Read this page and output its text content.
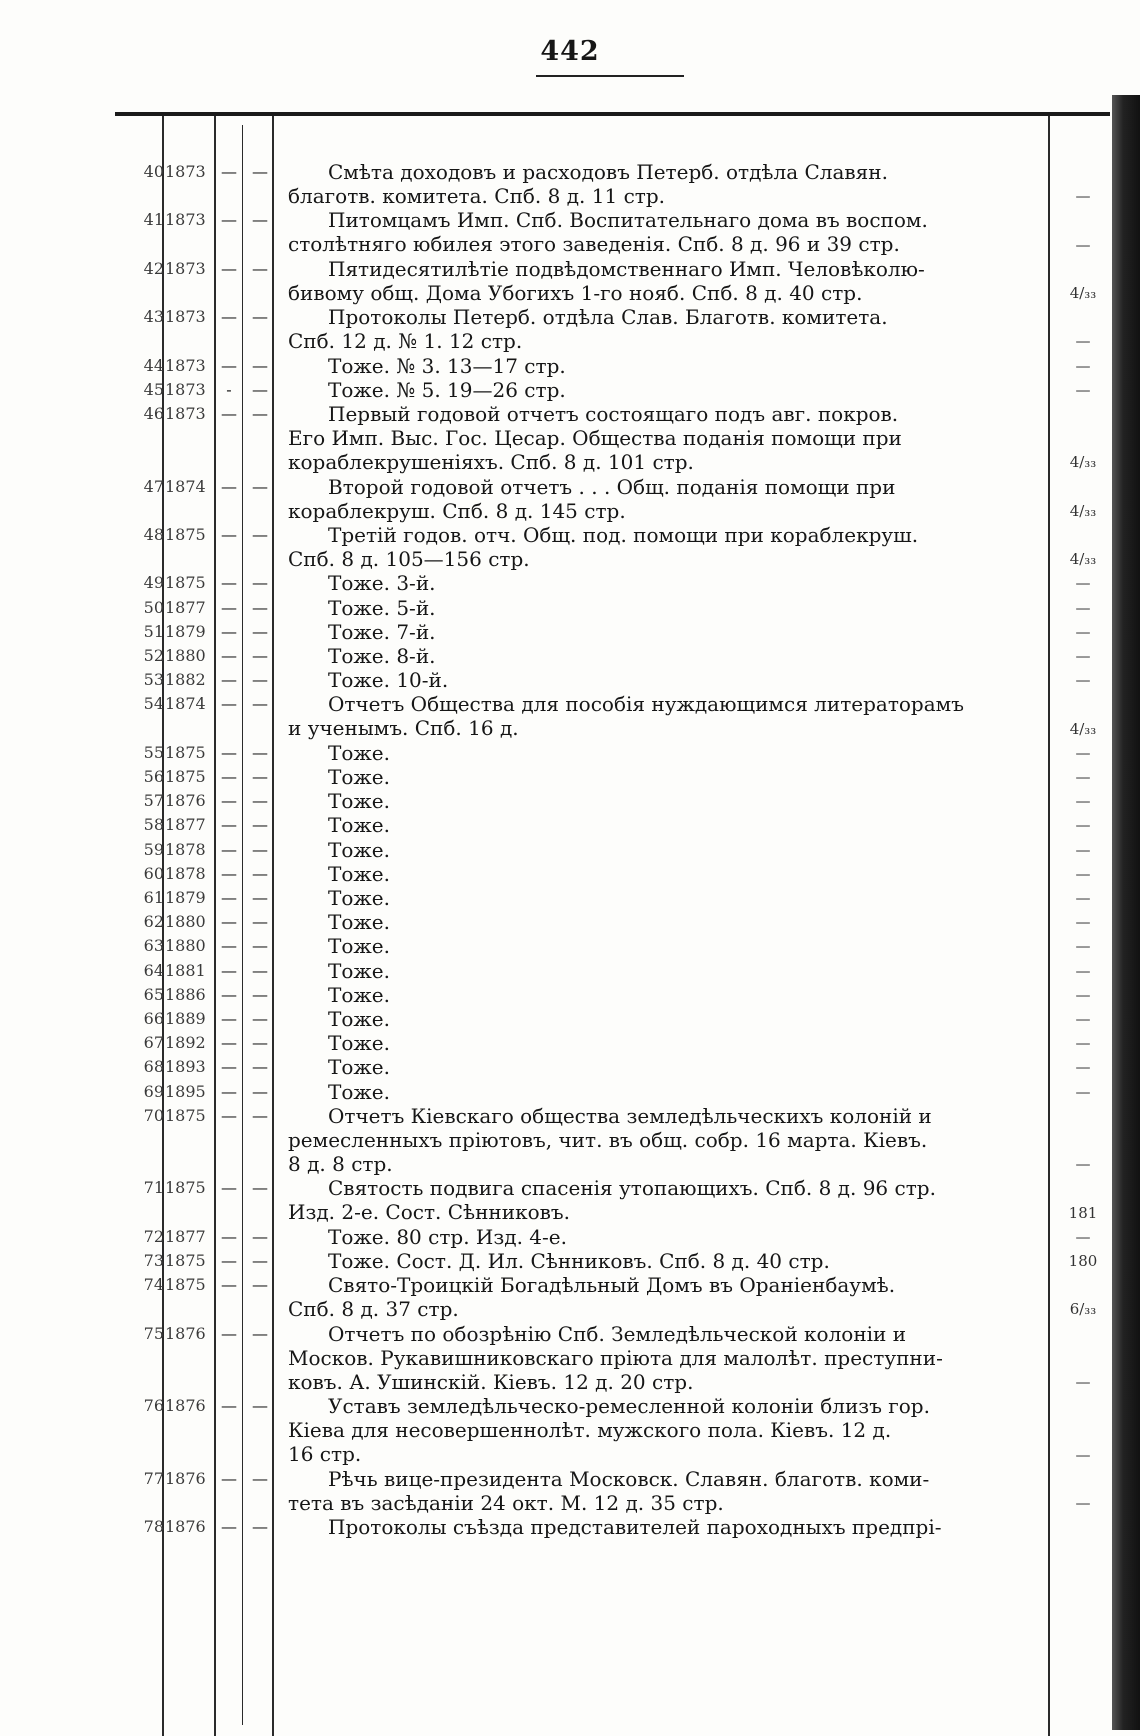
442
40 1873 — —	Смѣта доходовъ и расходовъ Петерб. отдѣла Славян.
благотв. комитета. Спб. 8 д. 11 стр.	—
41 1873 — —	Питомцамъ Имп. Спб. Воспитательнаго дома въ воспом.
столѣтняго юбилея этого заведенія. Спб. 8 д. 96 и 39 стр.	—
42 1873 — —	Пятидесятилѣтіе подвѣдомственнаго Имп. Человѣколю-
бивому общ. Дома Убогихъ 1-го нояб. Спб. 8 д. 40 стр.	4/₃₃
43 1873 — —	Протоколы Петерб. отдѣла Слав. Благотв. комитета.
Спб. 12 д. № 1. 12 стр.	—
44 1873 — —	Тоже. № 3. 13—17 стр.	—
45 1873	-	—	Тоже. № 5. 19—26 стр.	—
46 1873 — —	Первый годовой отчетъ состоящаго подъ авг. покров.
Его Имп. Выс. Гос. Цесар. Общества поданія помощи при
кораблекрушеніяхъ. Спб. 8 д. 101 стр.	4/₃₃
47 1874 — —	Второй годовой отчетъ . . . Общ. поданія помощи при
кораблекруш. Спб. 8 д. 145 стр.	4/₃₃
48 1875 — —	Третій годов. отч. Общ. под. помощи при кораблекруш.
Спб. 8 д. 105—156 стр.	4/₃₃
49 1875 — —	Тоже. 3-й.	—
50 1877 — —	Тоже. 5-й.	—
51 1879 — —	Тоже. 7-й.	—
52 1880 — —	Тоже. 8-й.	—
53 1882 — —	Тоже. 10-й.	—
54 1874 — —	Отчетъ Общества для пособія нуждающимся литераторамъ
и ученымъ. Спб. 16 д.	4/₃₃
55 1875 — —	Тоже.	—
56 1875 — —	Тоже.	—
57 1876 — —	Тоже.	—
58 1877 — —	Тоже.	—
59 1878 — —	Тоже.	—
60 1878 — —	Тоже.	—
61 1879 — —	Тоже.	—
62 1880 — —	Тоже.	—
63 1880 — —	Тоже.	—
64 1881 — —	Тоже.	—
65 1886 — —	Тоже.	—
66 1889 — —	Тоже.	—
67 1892 — —	Тоже.	—
68 1893 — —	Тоже.	—
69 1895 — —	Тоже.	—
70 1875 — —	Отчетъ Кіевскаго общества земледѣльческихъ колоній и
ремесленныхъ пріютовъ, чит. въ общ. собр. 16 марта. Кіевъ.
8 д. 8 стр.	—
71 1875 — —	Святость подвига спасенія утопающихъ. Спб. 8 д. 96 стр.
Изд. 2-е. Сост. Сѣнниковъ.	181
72 1877 — —	Тоже. 80 стр. Изд. 4-е.	—
73 1875 — —	Тоже. Сост. Д. Ил. Сѣнниковъ. Спб. 8 д. 40 стр.	180
74 1875 — —	Свято-Троицкій Богадѣльный Домъ въ Ораніенбаумѣ.
Спб. 8 д. 37 стр.	6/₃₃
75 1876 — —	Отчетъ по обозрѣнію Спб. Земледѣльческой колоніи и
Москов. Рукавишниковскаго пріюта для малолѣт. преступни-
ковъ. А. Ушинскій. Кіевъ. 12 д. 20 стр.	—
76 1876 — —	Уставъ земледѣльческо-ремесленной колоніи близъ гор.
Кіева для несовершеннолѣт. мужского пола. Кіевъ. 12 д.
16 стр.	—
77 1876 — —	Рѣчь вице-президента Московск. Славян. благотв. коми-
тета въ засѣданіи 24 окт. М. 12 д. 35 стр.	—
78 1876 — —	Протоколы съѣзда представителей пароходныхъ предпрі-
